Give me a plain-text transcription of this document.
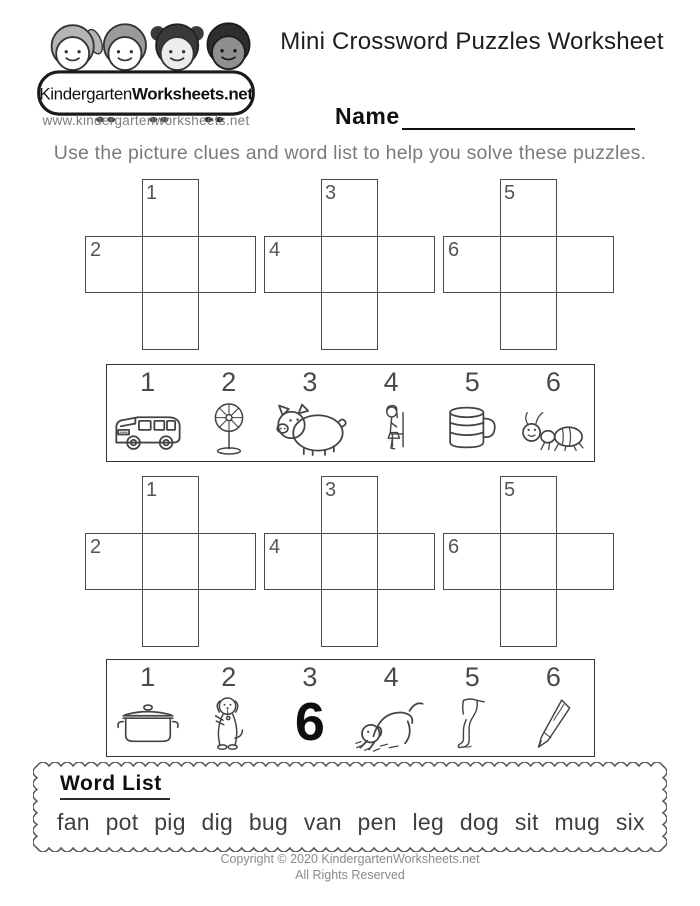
KindergartenWorksheets.net
www.kindergartenworksheets.net
Mini Crossword Puzzles Worksheet
Name
Use the picture clues and word list to help you solve these puzzles.
1
2
3
4
5
6
1 2 3 4 5 6
1
2
3
4
5
6
1 2 3
6
4 5 6
Word List
fan pot pig dig bug van pen leg dog sit mug six
Copyright © 2020 KindergartenWorksheets.net
All Rights Reserved
